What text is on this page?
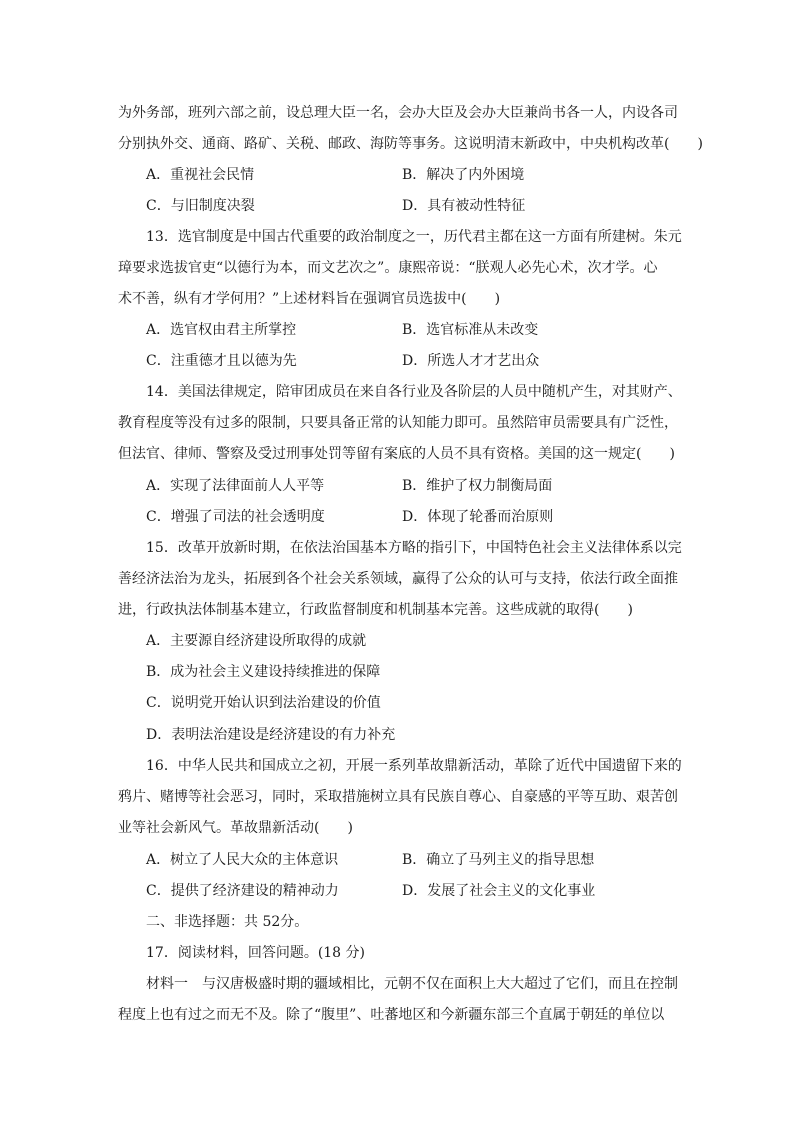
为外务部，班列六部之前，设总理大臣一名，会办大臣及会办大臣兼尚书各一人，内设各司
分别执外交、通商、路矿、关税、邮政、海防等事务。这说明清末新政中，中央机构改革(　　)
A．重视社会民情	B．解决了内外困境
C．与旧制度决裂	D．具有被动性特征
13．选官制度是中国古代重要的政治制度之一，历代君主都在这一方面有所建树。朱元
璋要求选拔官吏“以德行为本，而文艺次之”。康熙帝说：“朕观人必先心术，次才学。心
术不善，纵有才学何用？”上述材料旨在强调官员选拔中(　　)
A．选官权由君主所掌控	B．选官标准从未改变
C．注重德才且以德为先	D．所选人才才艺出众
14．美国法律规定，陪审团成员在来自各行业及各阶层的人员中随机产生，对其财产、
教育程度等没有过多的限制，只要具备正常的认知能力即可。虽然陪审员需要具有广泛性，
但法官、律师、警察及受过刑事处罚等留有案底的人员不具有资格。美国的这一规定(　　)
A．实现了法律面前人人平等	B．维护了权力制衡局面
C．增强了司法的社会透明度	D．体现了轮番而治原则
15．改革开放新时期，在依法治国基本方略的指引下，中国特色社会主义法律体系以完
善经济法治为龙头，拓展到各个社会关系领域，赢得了公众的认可与支持，依法行政全面推
进，行政执法体制基本建立，行政监督制度和机制基本完善。这些成就的取得(　　)
A．主要源自经济建设所取得的成就
B．成为社会主义建设持续推进的保障
C．说明党开始认识到法治建设的价值
D．表明法治建设是经济建设的有力补充
16．中华人民共和国成立之初，开展一系列革故鼎新活动，革除了近代中国遗留下来的
鸦片、赌博等社会恶习，同时，采取措施树立具有民族自尊心、自豪感的平等互助、艰苦创
业等社会新风气。革故鼎新活动(　　)
A．树立了人民大众的主体意识	B．确立了马列主义的指导思想
C．提供了经济建设的精神动力	D．发展了社会主义的文化事业
二、非选择题：共 52分。
17．阅读材料，回答问题。(18 分)
材料一　与汉唐极盛时期的疆域相比，元朝不仅在面积上大大超过了它们，而且在控制
程度上也有过之而无不及。除了“腹里”、吐蕃地区和今新疆东部三个直属于朝廷的单位以
